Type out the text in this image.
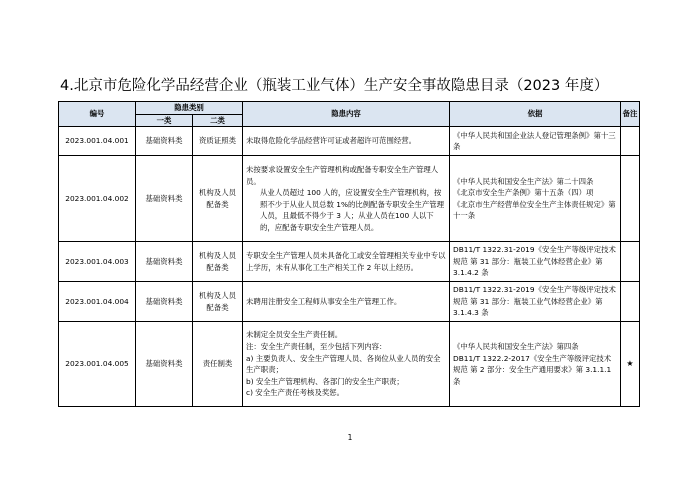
4.北京市危险化学品经营企业（瓶装工业气体）生产安全事故隐患目录（2023 年度）
编号	隐患类别		隐患内容	依据	备注
	一类	二类			
2023.001.04.001	基础资料类	资质证照类	未取得危险化学品经营许可证或者超许可范围经营。	《中华人民共和国企业法人登记管理条例》第十三条	

2023.001.04.002	基础资料类	机构及人员配备类	未按要求设置安全生产管理机构或配备专职安全生产管理人员。
从业人员超过 100 人的，应设置安全生产管理机构，按照不少于从业人员总数 1%的比例配备专职安全生产管理人员，且最低不得少于 3 人；从业人员在100 人以下的，应配备专职安全生产管理人员。	《中华人民共和国安全生产法》第二十四条
《北京市安全生产条例》第十五条（四）项
《北京市生产经营单位安全生产主体责任规定》第十一条	

2023.001.04.003	基础资料类	机构及人员配备类	专职安全生产管理人员未具备化工或安全管理相关专业中专以上学历，未有从事化工生产相关工作 2 年以上经历。	DB11/T 1322.31-2019《安全生产等级评定技术规范 第 31 部分：瓶装工业气体经营企业》第 3.1.4.2 条	

2023.001.04.004	基础资料类	机构及人员配备类	未聘用注册安全工程师从事安全生产管理工作。	DB11/T 1322.31-2019《安全生产等级评定技术规范 第 31 部分：瓶装工业气体经营企业》第 3.1.4.3 条	

2023.001.04.005	基础资料类	责任制类	未制定全员安全生产责任制。
注：安全生产责任制，至少包括下列内容：
a) 主要负责人、安全生产管理人员、各岗位从业人员的安全生产职责；
b) 安全生产管理机构、各部门的安全生产职责；
c) 安全生产责任考核及奖惩。	《中华人民共和国安全生产法》第四条
DB11/T 1322.2-2017《安全生产等级评定技术规范 第 2 部分：安全生产通用要求》第 3.1.1.1 条	★
1
